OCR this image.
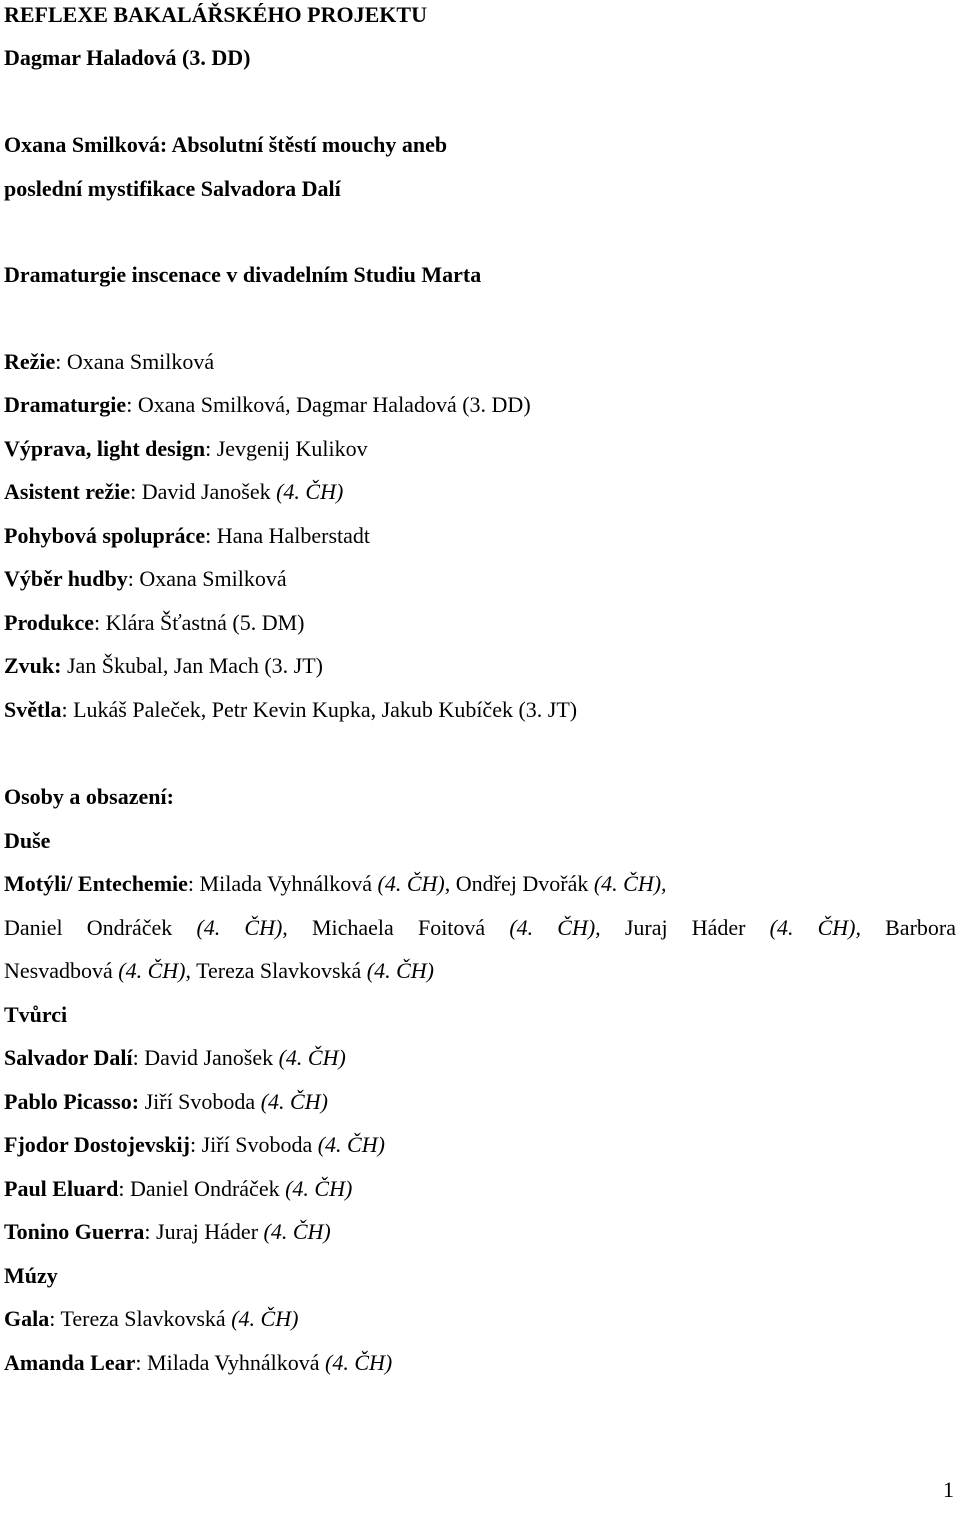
REFLEXE BAKALÁŘSKÉHO PROJEKTU
Dagmar Haladová (3. DD)
Oxana Smilková: Absolutní štěstí mouchy aneb
poslední mystifikace Salvadora Dalí
Dramaturgie inscenace v divadelním Studiu Marta
Režie: Oxana Smilková
Dramaturgie: Oxana Smilková, Dagmar Haladová (3. DD)
Výprava, light design: Jevgenij Kulikov
Asistent režie: David Janošek (4. ČH)
Pohybová spolupráce: Hana Halberstadt
Výběr hudby: Oxana Smilková
Produkce: Klára Šťastná (5. DM)
Zvuk: Jan Škubal, Jan Mach (3. JT)
Světla: Lukáš Paleček, Petr Kevin Kupka, Jakub Kubíček (3. JT)
Osoby a obsazení:
Duše
Motýli/ Entechemie: Milada Vyhnálková (4. ČH), Ondřej Dvořák (4. ČH),
Daniel Ondráček (4. ČH), Michaela Foitová (4. ČH), Juraj Háder (4. ČH), Barbora
Nesvadbová (4. ČH), Tereza Slavkovská (4. ČH)
Tvůrci
Salvador Dalí: David Janošek (4. ČH)
Pablo Picasso: Jiří Svoboda (4. ČH)
Fjodor Dostojevskij: Jiří Svoboda (4. ČH)
Paul Eluard: Daniel Ondráček (4. ČH)
Tonino Guerra: Juraj Háder (4. ČH)
Múzy
Gala: Tereza Slavkovská (4. ČH)
Amanda Lear: Milada Vyhnálková (4. ČH)
1
